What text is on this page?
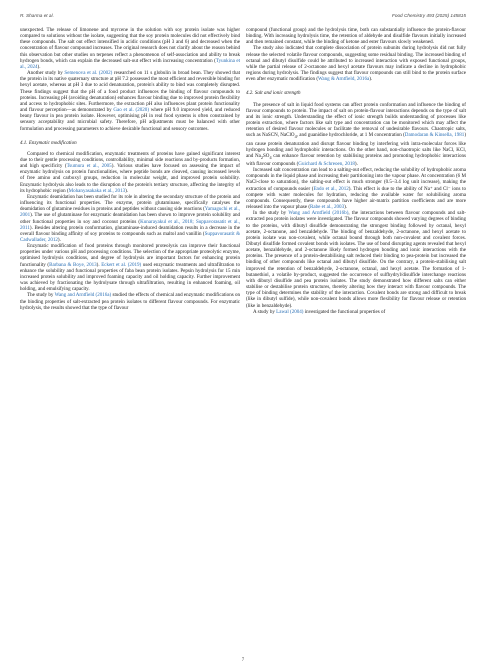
R. Sharma et al.	Food Chemistry 493 (2025) 145815

unexpected. The release of limonene and myrcene in the solution with soy protein isolate was higher compared to solutions without the isolate, suggesting that the soy protein molecules did not effectively bind these compounds. The salt out effect intensified in acidic conditions (pH 3 and 6) and decreased when the concentration of flavour compound increases. The original research does not clarify about the reason behind this observation but other studies on terpenes reflect a phenomenon of self-association and ability to break hydrogen bonds, which can explain the decreased salt-out effect with increasing concentration (Tyunkina et al., 2024).

Another study by Semenova et al. (2002) researched on 11 s globulin in broad bean. They showed that the protein in its native quaternary structure at pH 7.2 possessed the most efficient and reversible binding for hexyl acetate, whereas at pH 3 due to acid denaturation, protein's ability to bind was completely disrupted. These findings suggest that the pH of a food product influences the binding of flavour compounds to proteins. Increasing pH (avoiding denaturation) enhances flavour binding due to improved protein flexibility and access to hydrophobic sites. Furthermore, the extraction pH also influences plant protein functionality and flavour perception—as demonstrated by Gao et al. (2020) where pH 9.0 improved yield, and reduced beany flavour in pea protein isolate. However, optimising pH in real food systems is often constrained by sensory acceptability and microbial safety. Therefore, pH adjustments must be balanced with other formulation and processing parameters to achieve desirable functional and sensory outcomes.

4.1. Enzymatic modification

Compared to chemical modification, enzymatic treatments of proteins have gained significant interest due to their gentle processing conditions, controllability, minimal side reactions and by-products formation, and high specificity (Tsumura et al., 2005). Various studies have focused on assessing the impact of enzymatic hydrolysis on protein functionalities, where peptide bonds are cleaved, causing increased levels of free amino and carboxyl groups, reduction in molecular weight, and improved protein solubility. Enzymatic hydrolysis also leads to the disruption of the protein's tertiary structure, affecting the integrity of its hydrophobic region (Mohanyasakaka et al., 2013).

Enzymatic deamidation has been studied for its role in altering the secondary structure of the protein and influencing its functional properties. The enzyme, protein glutaminase, specifically catalyses the deamidation of glutamine residues in proteins and peptides without causing side reactions (Yamaguchi et al., 2001). The use of glutaminase for enzymatic deamidation has been shown to improve protein solubility and other functional properties in soy and coconut proteins (Kunarayakul et al., 2018; Suppavorasatit et al., 2011). Besides altering protein conformation, glutaminase-induced deamidation results in a decrease in the overall flavour binding affinity of soy proteins to compounds such as maltol and vanillin (Suppavorasatit & Cadwallader, 2012).

Enzymatic modification of food proteins through monitored proteolysis can improve their functional properties under various pH and processing conditions. The selection of the appropriate proteolytic enzyme, optimised hydrolysis conditions, and degree of hydrolysis are important factors for enhancing protein functionality (Barbana & Boye, 2013). Eckert et al. (2019) used enzymatic treatments and ultrafiltration to enhance the solubility and functional properties of faba bean protein isolates. Pepsin hydrolysis for 15 min increased protein solubility and improved foaming capacity and oil holding capacity. Further improvement was achieved by fractionating the hydrolysate through ultrafiltration, resulting in enhanced foaming, oil holding, and emulsifying capacity.

The study by Wang and Arntfield (2016a) studied the effects of chemical and enzymatic modifications on the binding properties of salt-extracted pea protein isolates to different flavour compounds. For enzymatic hydrolysis, the results showed that the type of flavour

compound (functional group) and the hydrolysis time, both can substantially influence the protein-flavour binding. With increasing hydrolysis time, the retention of aldehyde and disulfide flavours initially increased and then remained constant, while the binding of ketone and ester flavours slowly weakened.

The study also indicated that complete dissociation of protein subunits during hydrolysis did not fully release the selected volatile flavour compounds, suggesting some residual binding. The increased binding of octanal and dibutyl disulfide could be attributed to increased interaction with exposed functional groups, while the partial release of 2-octanone and hexyl acetate flavours may indicate a decline in hydrophobic regions during hydrolysis. The findings suggest that flavour compounds can still bind to the protein surface even after enzymatic modification (Wang & Arntfield, 2016a).

4.2. Salt and ionic strength

The presence of salt in liquid food systems can affect protein conformation and influence the binding of flavour compounds to protein. The impact of salt on protein-flavour interactions depends on the type of salt and its ionic strength. Understanding the effect of ionic strength builds understanding of processes like protein extraction, where factors like salt type and concentration can be monitored which may affect the retention of desired flavour molecules or facilitate the removal of undesirable flavours. Chaotropic salts, such as NaSCN, NaClO$_4$, and guanidine hydrochloride, at 1 M concentration (Damodaran & Kinsella, 1981) can cause protein denaturation and disrupt flavour binding by interfering with intra-molecular forces like hydrogen bonding and hydrophobic interactions. On the other hand, non-chaotropic salts like NaCl, KCl, and $Na_2SO_4$ can enhance flavour retention by stabilising proteins and promoting hydrophobic interactions with flavour compounds (Guichard & Schreoen, 2018).

Increased salt concentration can lead to a salting-out effect, reducing the solubility of hydrophobic aroma compounds in the liquid phase and increasing their partitioning into the vapour phase. At concentration (6 M NaCl-close to saturation), the salting-out effect is much stronger (0.5–3.4 log unit increase), making the extraction of compounds easier (Endo et al., 2012). This effect is due to the ability of Na⁺ and Cl⁻ ions to compete with water molecules for hydration, reducing the available water for solubilising aroma compounds. Consequently, these compounds have higher air-matrix partition coefficients and are more released into the vapour phase (Rabe et al., 2003).

In the study by Wang and Arntfield (2016b), the interactions between flavour compounds and salt-extracted pea protein isolates were investigated. The flavour compounds showed varying degrees of binding to the proteins, with dibutyl disulfide demonstrating the strongest binding followed by octanal, hexyl acetate, 2-octanone, and benzaldehyde. The binding of benzaldehyde, 2-octanone, and hexyl acetate to protein isolate was non-covalent, while octanal bound through both non-covalent and covalent forces. Dibutyl disulfide formed covalent bonds with isolates. The use of bond disrupting agents revealed that hexyl acetate, benzaldehyde, and 2-octanone likely formed hydrogen bonding and ionic interactions with the proteins. The presence of a protein-destabilising salt reduced their binding to pea-protein but increased the binding of other compounds like octanal and dibutyl disulfide. On the contrary, a protein-stabilising salt improved the retention of benzaldehyde, 2-octanone, octanal, and hexyl acetate. The formation of 1-butanethiol, a volatile by-product, suggested the occurrence of sulfhydryl/disulfide interchange reactions with dibutyl disulfide and pea protein isolates. The study demonstrated how different salts can either stabilise or destabilise protein structures, thereby altering how they interact with flavour compounds. The type of binding determines the stability of the interaction. Covalent bonds are strong and difficult to break (like in dibutyl sulfide), while non-covalent bonds allows more flexibility for flavour release or retention (like in benzaldehyde).

A study by Lawal (2004) investigated the functional properties of

7
